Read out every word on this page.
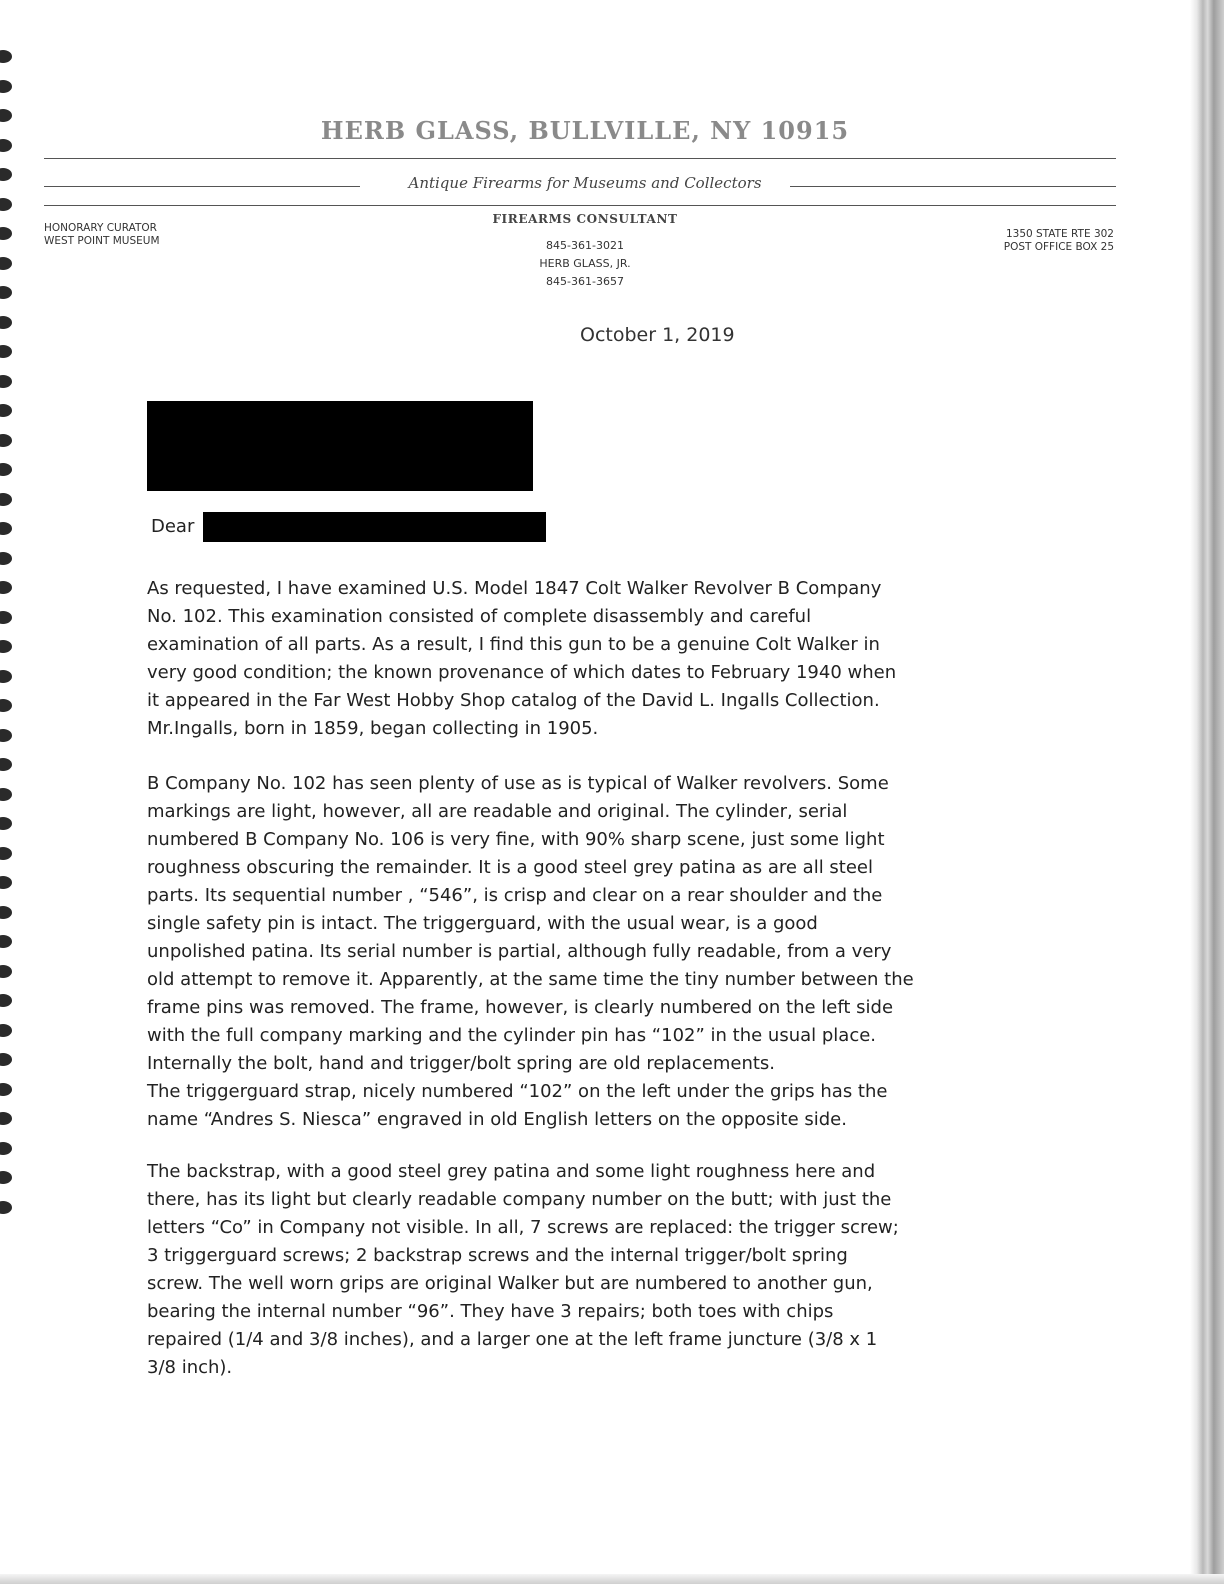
HERB GLASS, BULLVILLE, NY 10915
Antique Firearms for Museums and Collectors
HONORARY CURATOR
WEST POINT MUSEUM
FIREARMS CONSULTANT
845-361-3021
HERB GLASS, JR.
845-361-3657
1350 STATE RTE 302
POST OFFICE BOX 25
October 1, 2019
Dear
As requested, I have examined U.S. Model 1847 Colt Walker Revolver B Company
No. 102. This examination consisted of complete disassembly and careful
examination of all parts. As a result, I find this gun to be a genuine Colt Walker in
very good condition; the known provenance of which dates to February 1940 when
it appeared in the Far West Hobby Shop catalog of the David L. Ingalls Collection.
Mr.Ingalls, born in 1859, began collecting in 1905.
B Company No. 102 has seen plenty of use as is typical of Walker revolvers. Some
markings are light, however, all are readable and original. The cylinder, serial
numbered B Company No. 106 is very fine, with 90% sharp scene, just some light
roughness obscuring the remainder. It is a good steel grey patina as are all steel
parts. Its sequential number , “546”, is crisp and clear on a rear shoulder and the
single safety pin is intact. The triggerguard, with the usual wear, is a good
unpolished patina. Its serial number is partial, although fully readable, from a very
old attempt to remove it. Apparently, at the same time the tiny number between the
frame pins was removed. The frame, however, is clearly numbered on the left side
with the full company marking and the cylinder pin has “102” in the usual place.
Internally the bolt, hand and trigger/bolt spring are old replacements.
The triggerguard strap, nicely numbered “102” on the left under the grips has the
name “Andres S. Niesca” engraved in old English letters on the opposite side.
The backstrap, with a good steel grey patina and some light roughness here and
there, has its light but clearly readable company number on the butt; with just the
letters “Co” in Company not visible. In all, 7 screws are replaced: the trigger screw;
3 triggerguard screws; 2 backstrap screws and the internal trigger/bolt spring
screw. The well worn grips are original Walker but are numbered to another gun,
bearing the internal number “96”. They have 3 repairs; both toes with chips
repaired (1/4 and 3/8 inches), and a larger one at the left frame juncture (3/8 x 1
3/8 inch).
